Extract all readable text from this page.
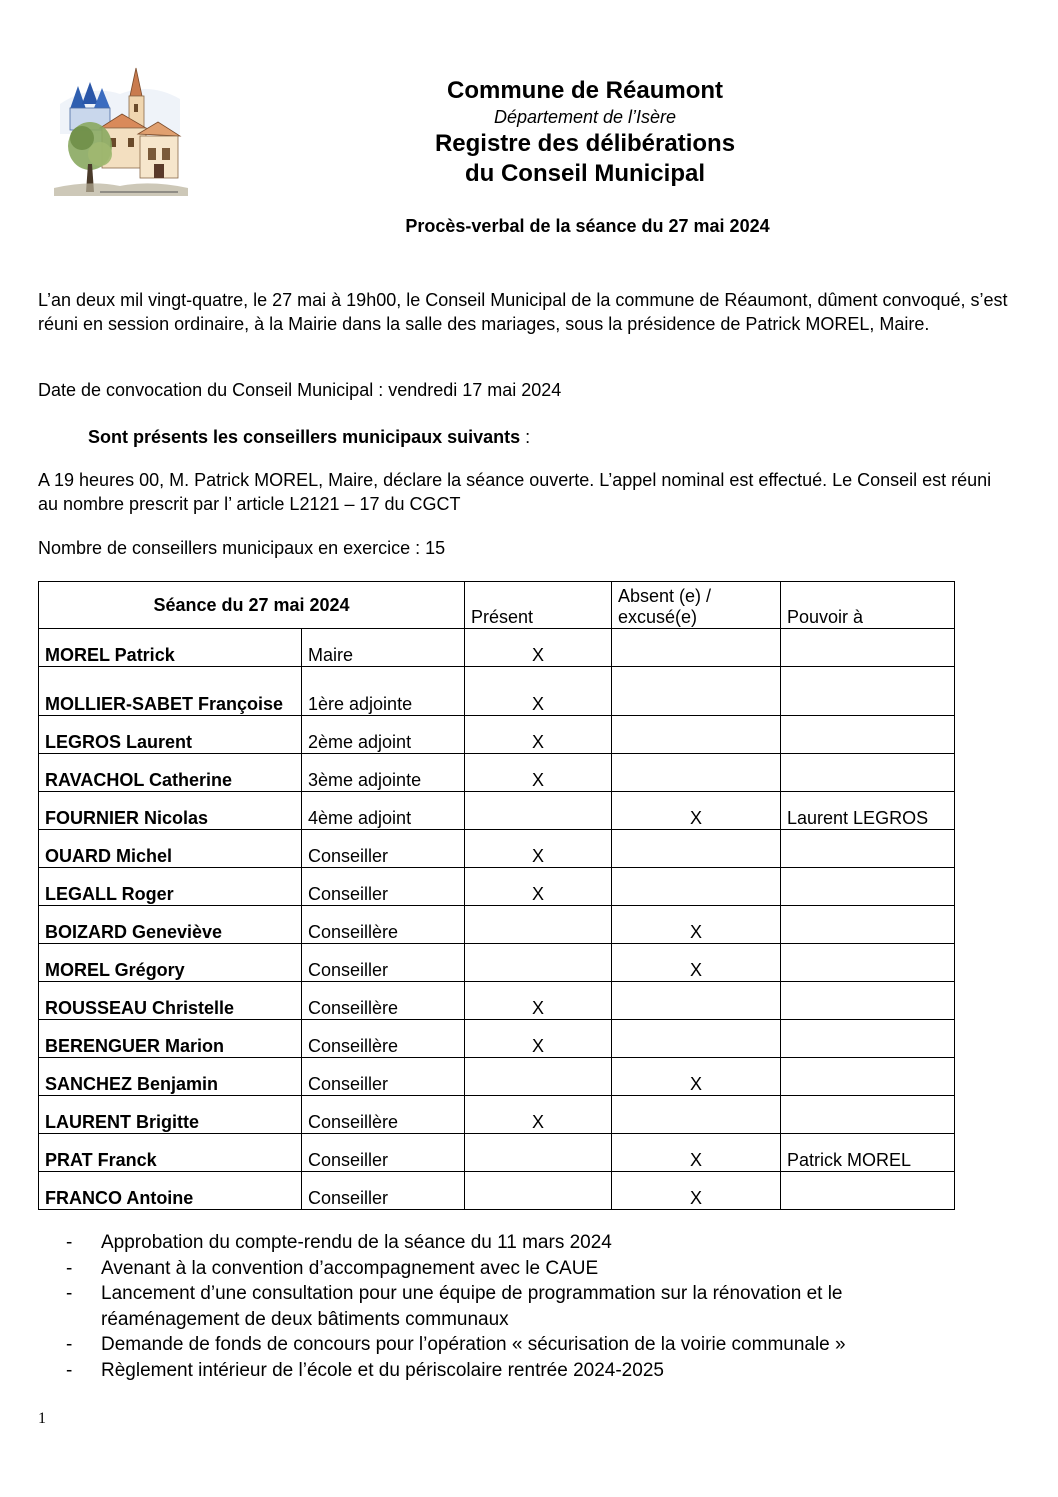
Commune de Réaumont
Département de l’Isère
Registre des délibérations
du Conseil Municipal
Procès-verbal de la séance du 27 mai 2024
L’an deux mil vingt-quatre, le 27 mai à 19h00, le Conseil Municipal de la commune de Réaumont, dûment convoqué, s’est réuni en session ordinaire, à la Mairie dans la salle des mariages, sous la présidence de Patrick MOREL, Maire.
Date de convocation du Conseil Municipal : vendredi 17 mai 2024
Sont présents les conseillers municipaux suivants :
A 19 heures 00, M. Patrick MOREL, Maire, déclare la séance ouverte. L’appel nominal est effectué. Le Conseil est réuni au nombre prescrit par l’ article L2121 – 17 du CGCT
Nombre de conseillers municipaux en exercice : 15
Séance du 27 mai 2024		Présent	Absent (e) / excusé(e)	Pouvoir à
MOREL Patrick	Maire	X		
MOLLIER-SABET Françoise	1ère adjointe	X		
LEGROS Laurent	2ème adjoint	X		
RAVACHOL Catherine	3ème adjointe	X		
FOURNIER Nicolas	4ème adjoint		X	Laurent LEGROS
OUARD Michel	Conseiller	X		
LEGALL Roger	Conseiller	X		
BOIZARD Geneviève	Conseillère		X	
MOREL Grégory	Conseiller		X	
ROUSSEAU Christelle	Conseillère	X		
BERENGUER Marion	Conseillère	X		
SANCHEZ Benjamin	Conseiller		X	
LAURENT Brigitte	Conseillère	X		
PRAT Franck	Conseiller		X	Patrick MOREL
FRANCO Antoine	Conseiller		X	
- Approbation du compte-rendu de la séance du 11 mars 2024
- Avenant à la convention d’accompagnement avec le CAUE
- Lancement d’une consultation pour une équipe de programmation sur la rénovation et le réaménagement de deux bâtiments communaux
- Demande de fonds de concours pour l’opération « sécurisation de la voirie communale »
- Règlement intérieur de l’école et du périscolaire rentrée 2024-2025
1
